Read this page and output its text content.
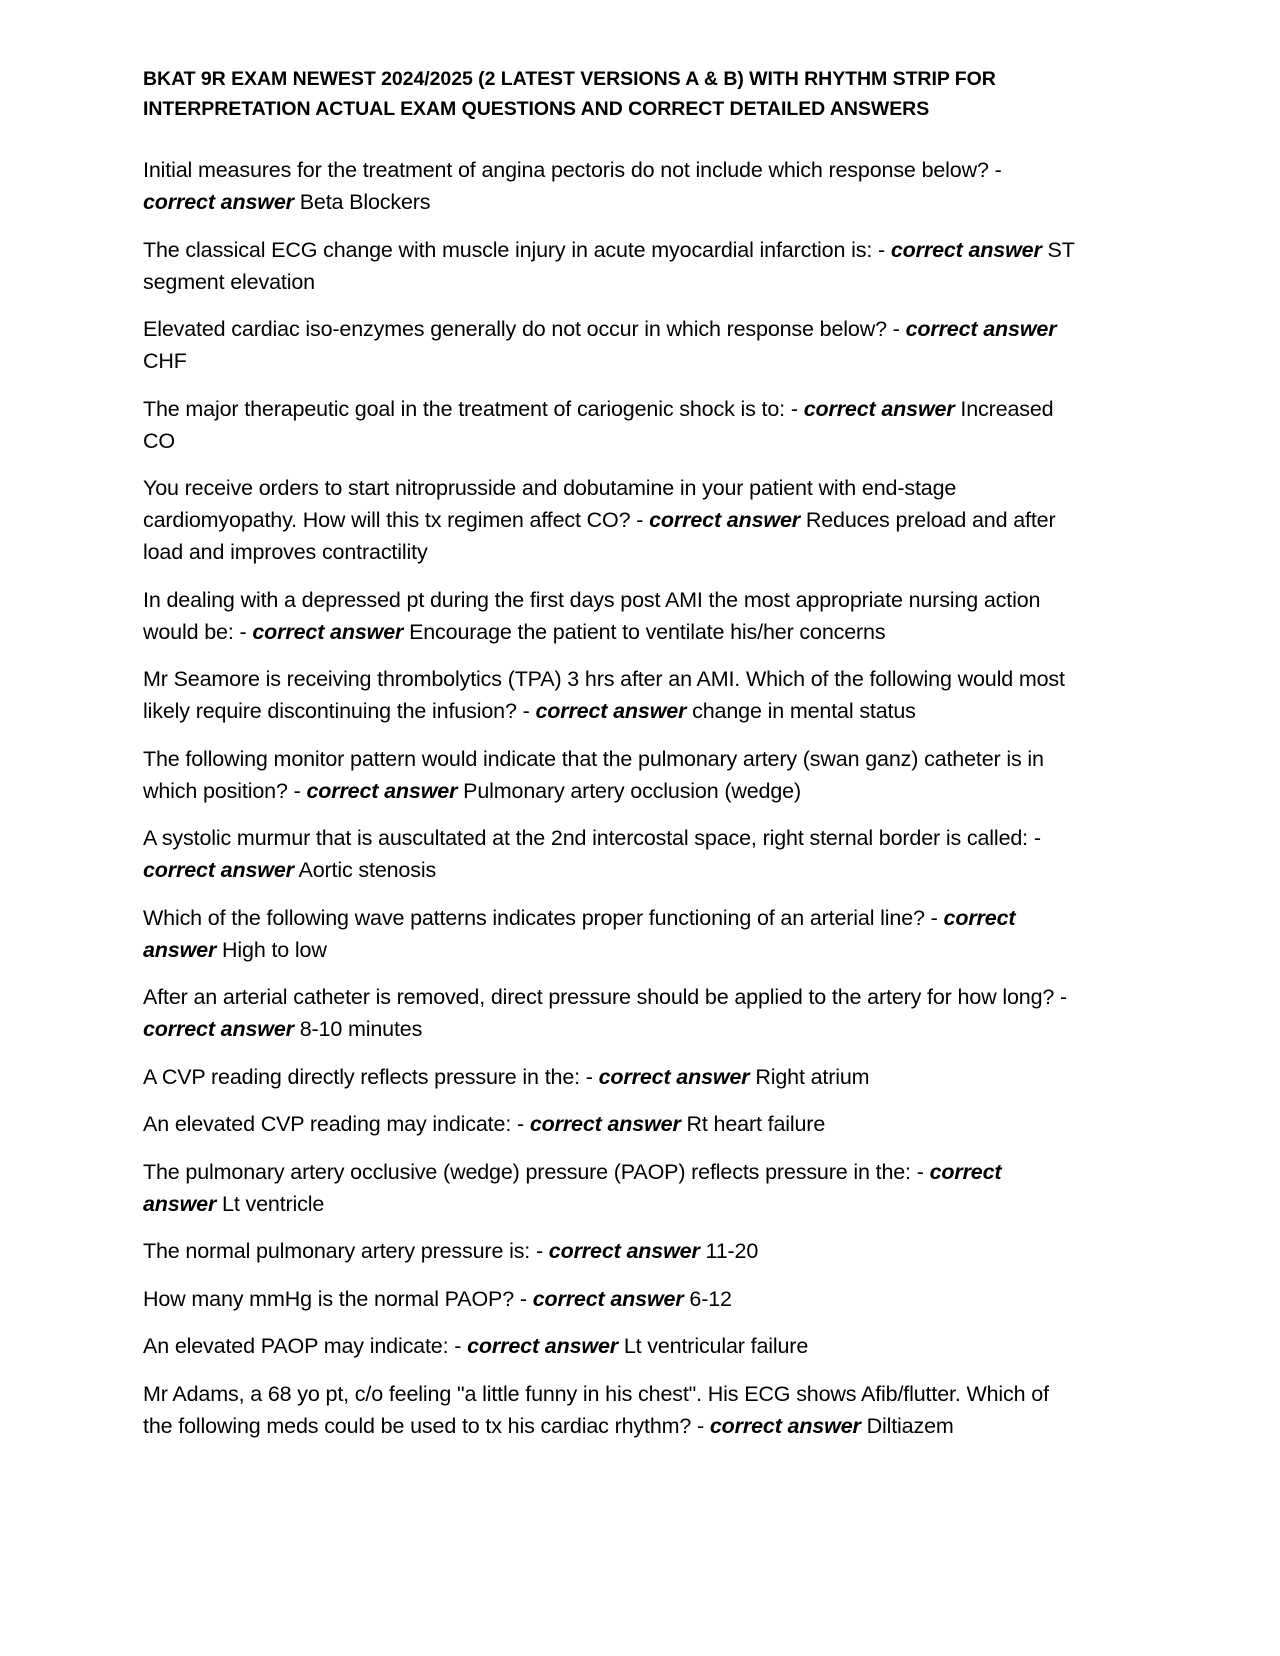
BKAT 9R EXAM NEWEST 2024/2025 (2 LATEST VERSIONS A & B) WITH RHYTHM STRIP FOR INTERPRETATION ACTUAL EXAM QUESTIONS AND CORRECT DETAILED ANSWERS

Initial measures for the treatment of angina pectoris do not include which response below? - correct answer Beta Blockers

The classical ECG change with muscle injury in acute myocardial infarction is: - correct answer ST segment elevation

Elevated cardiac iso-enzymes generally do not occur in which response below? - correct answer CHF

The major therapeutic goal in the treatment of cariogenic shock is to: - correct answer Increased CO

You receive orders to start nitroprusside and dobutamine in your patient with end-stage cardiomyopathy. How will this tx regimen affect CO? - correct answer Reduces preload and after load and improves contractility

In dealing with a depressed pt during the first days post AMI the most appropriate nursing action would be: - correct answer Encourage the patient to ventilate his/her concerns

Mr Seamore is receiving thrombolytics (TPA) 3 hrs after an AMI. Which of the following would most likely require discontinuing the infusion? - correct answer change in mental status

The following monitor pattern would indicate that the pulmonary artery (swan ganz) catheter is in which position? - correct answer Pulmonary artery occlusion (wedge)

A systolic murmur that is auscultated at the 2nd intercostal space, right sternal border is called: - correct answer Aortic stenosis

Which of the following wave patterns indicates proper functioning of an arterial line? - correct answer High to low

After an arterial catheter is removed, direct pressure should be applied to the artery for how long? - correct answer 8-10 minutes

A CVP reading directly reflects pressure in the: - correct answer Right atrium

An elevated CVP reading may indicate: - correct answer Rt heart failure

The pulmonary artery occlusive (wedge) pressure (PAOP) reflects pressure in the: - correct answer Lt ventricle

The normal pulmonary artery pressure is: - correct answer 11-20

How many mmHg is the normal PAOP? - correct answer 6-12

An elevated PAOP may indicate: - correct answer Lt ventricular failure

Mr Adams, a 68 yo pt, c/o feeling "a little funny in his chest". His ECG shows Afib/flutter. Which of the following meds could be used to tx his cardiac rhythm? - correct answer Diltiazem
